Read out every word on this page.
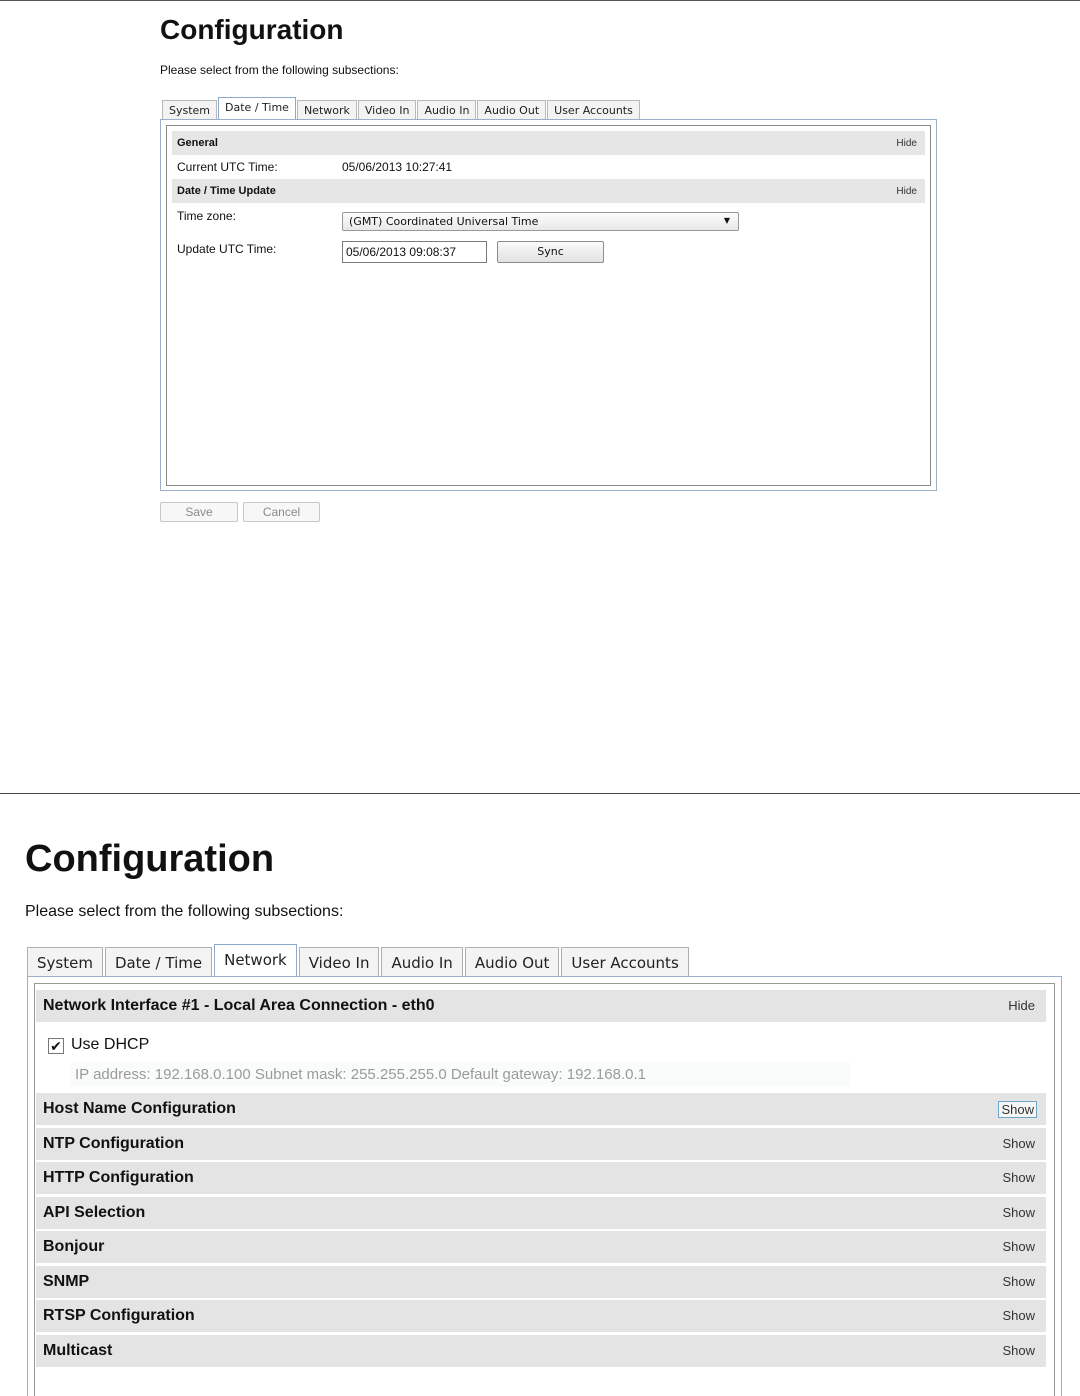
Configuration
Please select from the following subsections:
System	Date / Time	Network	Video In	Audio In	Audio Out	User Accounts
General	Hide
Current UTC Time:	05/06/2013 10:27:41
Date / Time Update	Hide
Time zone:	(GMT) Coordinated Universal Time	▼
Update UTC Time:	05/06/2013 09:08:37	Sync
Save	Cancel
Configuration
Please select from the following subsections:
System	Date / Time	Network	Video In	Audio In	Audio Out	User Accounts
Network Interface #1 - Local Area Connection - eth0	Hide
✔ Use DHCP
IP address: 192.168.0.100 Subnet mask: 255.255.255.0 Default gateway: 192.168.0.1
Host Name Configuration	Show
NTP Configuration	Show
HTTP Configuration	Show
API Selection	Show
Bonjour	Show
SNMP	Show
RTSP Configuration	Show
Multicast	Show
